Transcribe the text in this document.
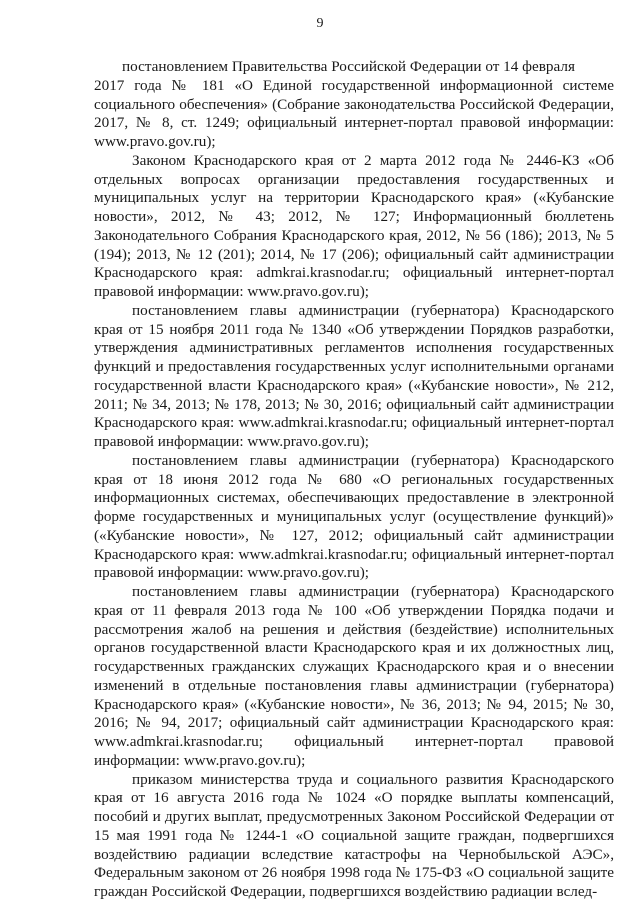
9

постановлением Правительства Российской Федерации от 14 февраля
2017 года № 181 «О Единой государственной информационной системе социального обеспечения» (Собрание законодательства Российской Федерации, 2017, № 8, ст. 1249; официальный интернет-портал правовой информации: www.pravo.gov.ru);

Законом Краснодарского края от 2 марта 2012 года № 2446-КЗ «Об отдельных вопросах организации предоставления государственных и муниципальных услуг на территории Краснодарского края» («Кубанские новости», 2012, № 43; 2012, № 127; Информационный бюллетень Законодательного Собрания Краснодарского края, 2012, № 56 (186); 2013, № 5 (194); 2013, № 12 (201); 2014, № 17 (206); официальный сайт администрации Краснодарского края: admkrai.krasnodar.ru; официальный интернет-портал правовой информации: www.pravo.gov.ru);

постановлением главы администрации (губернатора) Краснодарского края от 15 ноября 2011 года № 1340 «Об утверждении Порядков разработки, утверждения административных регламентов исполнения государственных функций и предоставления государственных услуг исполнительными органами государственной власти Краснодарского края» («Кубанские новости», № 212, 2011; № 34, 2013; № 178, 2013; № 30, 2016; официальный сайт администрации Краснодарского края: www.admkrai.krasnodar.ru; официальный интернет-портал правовой информации: www.pravo.gov.ru);

постановлением главы администрации (губернатора) Краснодарского края от 18 июня 2012 года № 680 «О региональных государственных информационных системах, обеспечивающих предоставление в электронной форме государственных и муниципальных услуг (осуществление функций)» («Кубанские новости», № 127, 2012; официальный сайт администрации Краснодарского края: www.admkrai.krasnodar.ru; официальный интернет-портал правовой информации: www.pravo.gov.ru);

постановлением главы администрации (губернатора) Краснодарского края от 11 февраля 2013 года № 100 «Об утверждении Порядка подачи и рассмотрения жалоб на решения и действия (бездействие) исполнительных органов государственной власти Краснодарского края и их должностных лиц, государственных гражданских служащих Краснодарского края и о внесении изменений в отдельные постановления главы администрации (губернатора) Краснодарского края» («Кубанские новости», № 36, 2013; № 94, 2015; № 30, 2016; № 94, 2017; официальный сайт администрации Краснодарского края: www.admkrai.krasnodar.ru; официальный интернет-портал правовой информации: www.pravo.gov.ru);

приказом министерства труда и социального развития Краснодарского края от 16 августа 2016 года № 1024 «О порядке выплаты компенсаций, пособий и других выплат, предусмотренных Законом Российской Федерации от 15 мая 1991 года № 1244-1 «О социальной защите граждан, подвергшихся воздействию радиации вследствие катастрофы на Чернобыльской АЭС», Федеральным законом от 26 ноября 1998 года № 175-ФЗ «О социальной защите граждан Российской Федерации, подвергшихся воздействию радиации вслед-
